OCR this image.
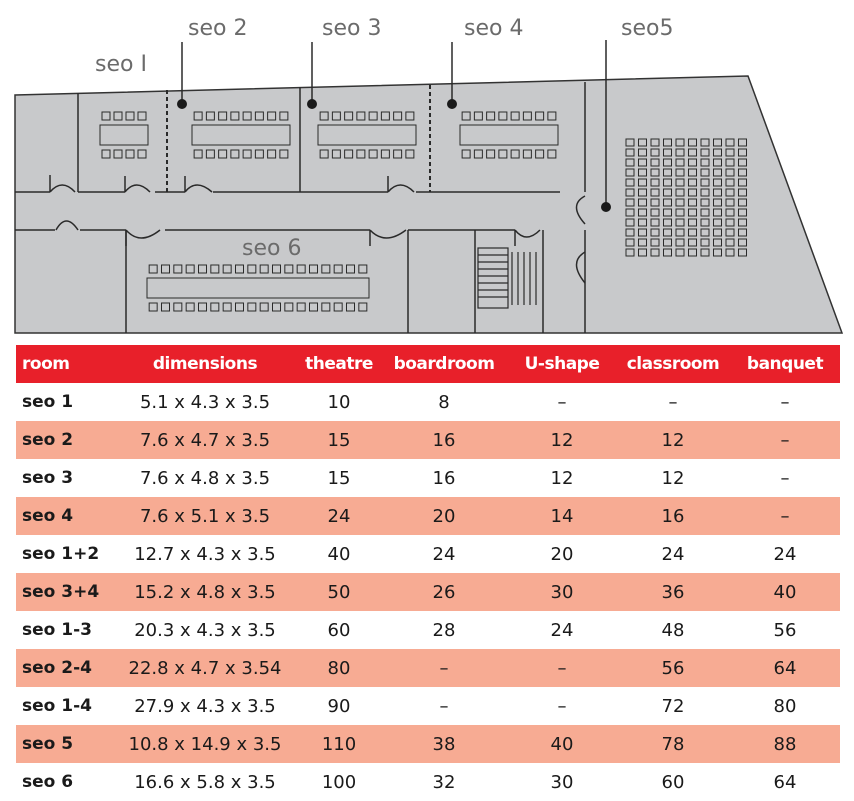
seo I
seo 2	seo 3	seo 4	seo5
seo 6
room	dimensions	theatre	boardroom	U-shape	classroom	banquet
seo 1	5.1 x 4.3 x 3.5	10	8	–	–	–
seo 2	7.6 x 4.7 x 3.5	15	16	12	12	–
seo 3	7.6 x 4.8 x 3.5	15	16	12	12	–
seo 4	7.6 x 5.1 x 3.5	24	20	14	16	–
seo 1+2	12.7 x 4.3 x 3.5	40	24	20	24	24
seo 3+4	15.2 x 4.8 x 3.5	50	26	30	36	40
seo 1-3	20.3 x 4.3 x 3.5	60	28	24	48	56
seo 2-4	22.8 x 4.7 x 3.54	80	–	–	56	64
seo 1-4	27.9 x 4.3 x 3.5	90	–	–	72	80
seo 5	10.8 x 14.9 x 3.5	110	38	40	78	88
seo 6	16.6 x 5.8 x 3.5	100	32	30	60	64
